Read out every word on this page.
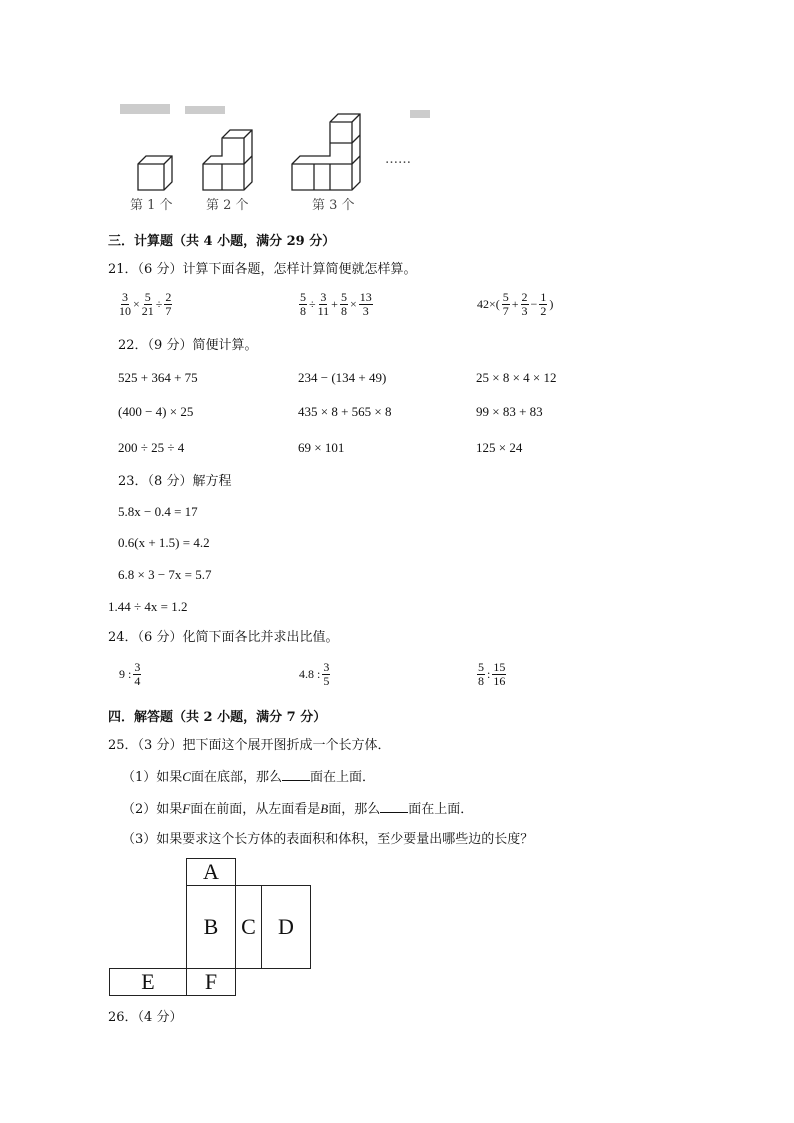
第 1 个	第 2 个	第 3 个
……
三．计算题（共 4 小题，满分 29 分）
21．（6 分）计算下面各题，怎样计算简便就怎样算。
$\frac{3}{10} \times \frac{5}{21} \div \frac{2}{7}$	$\frac{5}{8} \div \frac{3}{11} + \frac{5}{8} \times \frac{13}{3}$	$42\times( \frac{5}{7} + \frac{2}{3} - \frac{1}{2}$ )
22．（9 分）简便计算。
525 + 364 + 75	234 − (134 + 49)	25 × 8 × 4 × 12
(400 − 4) × 25	435 × 8 + 565 × 8	99 × 83 + 83
200 ÷ 25 ÷ 4	69 × 101	125 × 24
23．（8 分）解方程
5.8x − 0.4 = 17
0.6(x + 1.5) = 4.2
6.8 × 3 − 7x = 5.7
1.44 ÷ 4x = 1.2
24．（6 分）化简下面各比并求出比值。
9 : $\frac{3}{4}$	4.8 : $\frac{3}{5}$	$\frac{5}{8}$ : $\frac{15}{16}$
四．解答题（共 2 小题，满分 7 分）
25．（3 分）把下面这个展开图折成一个长方体．
（1）如果C面在底部，那么 面在上面．
（2）如果F面在前面，从左面看是B面，那么 面在上面．
（3）如果要求这个长方体的表面积和体积，至少要量出哪些边的长度？
A
B	C	D
E	F
26．（4 分）
